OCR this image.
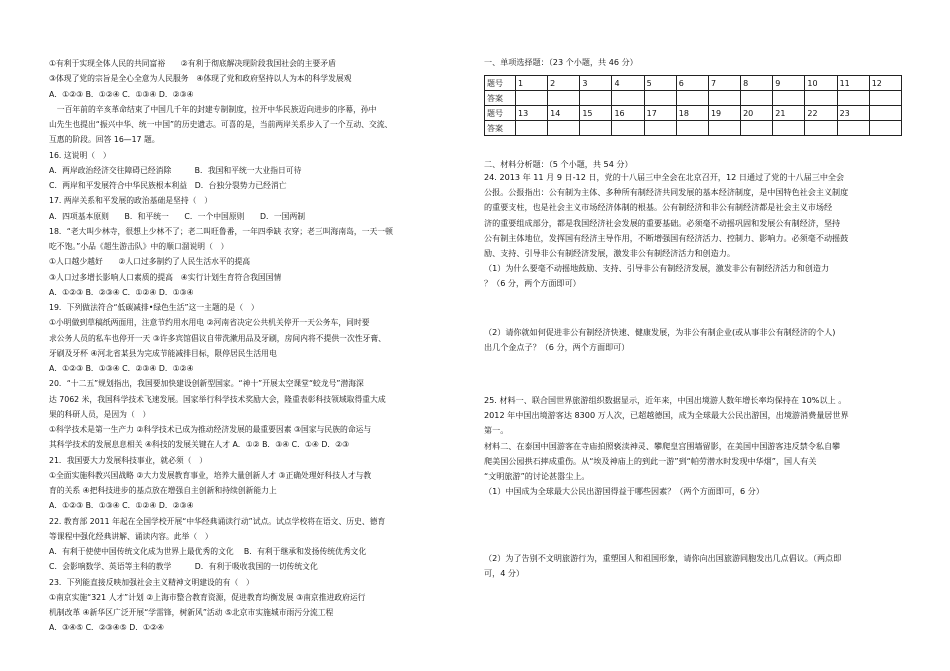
①有利于实现全体人民的共同富裕　　②有利于彻底解决现阶段我国社会的主要矛盾
③体现了党的宗旨是全心全意为人民服务　④体现了党和政府坚持以人为本的科学发展观
A．①②③ B．①②④ C．①③④ D．②③④
　一百年前的辛亥革命结束了中国几千年的封建专制制度，拉开中华民族迈向进步的序幕，孙中
山先生也提出“振兴中华、统一中国”的历史遗志。可喜的是，当前两岸关系步入了一个互动、交流、
互惠的阶段。回答 16—17 题。
16. 这说明（　）
A．两岸政治经济交往障碍已经消除　　　B．我国和平统一大业指日可待
C．两岸和平发展符合中华民族根本利益　D．台独分裂势力已经消亡
17. 两岸关系和平发展的政治基础是坚持（　）
A．四项基本原则　　B．和平统一　　C．一个中国原则　　D．一国两制
18．“老大叫少林寺，很想上少林不了；老二叫旺鲁番，一年四季缺 衣穿；老三叫海南岛，一天一顿
吃不饱。”小品《超生游击队》中的顺口溜说明（　）
①人口越少越好　　②人口过多制约了人民生活水平的提高
③人口过多增长影响人口素质的提高　④实行计划生育符合我国国情
A．①②③ B．②③④ C．①②④ D．①③④
19．下列做法符合“低碳减排•绿色生活”这一主题的是（　）
①小明做到草稿纸两面用，注意节约用水用电 ②河南省决定公共机关停开一天公务车，同时要
求公务人员的私车也停开一天 ③许多宾馆倡议自带洗漱用品及牙刷，房间内将不提供一次性牙膏、
牙刷及牙杯 ④河北省某县为完成节能减排目标，限停居民生活用电
A．①②③ B．①③④ C．②③④ D．①②④
20．“十二五”规划指出，我国要加快建设创新型国家。“神十”开展太空课堂“蛟龙号”潜海深
达 7062 米，我国科学技术飞速发展。国家举行科学技术奖励大会，隆重表彰科技领域取得重大成
果的科研人员，是因为（　）
①科学技术是第一生产力 ②科学技术已成为推动经济发展的最重要因素 ③国家与民族的命运与
其科学技术的发展息息相关 ④科技的发展关键在人才 A．①② B．③④ C．①④ D．②③
21．我国要大力发展科技事业，就必须（　）
①全面实施科教兴国战略 ②大力发展教育事业，培养大量创新人才 ③正确处理好科技人才与教
育的关系 ④把科技进步的基点放在增强自主创新和持续创新能力上
A．①②③ B．①③④ C．①②④ D．②③④
22. 教育部 2011 年起在全国学校开展“中华经典诵读行动”试点。试点学校将在语文、历史、德育
等课程中强化经典讲解、诵读内容。此举（　）
A．有利于使使中国传统文化成为世界上最优秀的文化　 B．有利于继承和发扬传统优秀文化
C．会影响数学、英语等主科的教学　　　D．有利于吸收我国的一切传统文化
23．下列能直接反映加强社会主义精神文明建设的有（　）
①南京实施“321 人才”计划 ②上海市整合教育资源，促进教育均衡发展 ③南京推进政府运行
机制改革 ④新华区广泛开展“学雷锋，树新风”活动 ⑤北京市实施城市雨污分流工程
A．③④⑤ C．②③④⑤ D．①②④
一、单项选择题：（23 个小题，共 46 分）
题号	1	2	3	4	5	6	7	8	9	10	11	12
答案												
题号	13	14	15	16	17	18	19	20	21	22	23	
答案												
二、材料分析题：（5 个小题，共 54 分）
24. 2013 年 11 月 9 日-12 日，党的十八届三中全会在北京召开，12 日通过了党的十八届三中全会
公报。公报指出：公有制为主体、多种所有制经济共同发展的基本经济制度，是中国特色社会主义制度
的重要支柱，也是社会主义市场经济体制的根基。公有制经济和非公有制经济都是社会主义市场经
济的重要组成部分，都是我国经济社会发展的重要基础。必须毫不动摇巩固和发展公有制经济，坚持
公有制主体地位，发挥国有经济主导作用，不断增强国有经济活力、控制力、影响力。必须毫不动摇鼓
励、支持、引导非公有制经济发展，激发非公有制经济活力和创造力。
（1）为什么要毫不动摇地鼓励、支持、引导非公有制经济发展，激发非公有制经济活力和创造力
？（6 分，两个方面即可）
（2）请你就如何促进非公有制经济快速、健康发展，为非公有制企业(或从事非公有制经济的个人)
出几个金点子？（6 分，两个方面即可）
25. 材料一、联合国世界旅游组织数据显示，近年来，中国出境游人数年增长率均保持在 10%以上 。
2012 年中国出境游客达 8300 万人次，已超越德国，成为全球最大公民出游国，出境游消费量居世界
第一。
材料二、在泰国中国游客在寺庙拍照亵渎神灵、攀爬皇宫围墙留影，在美国中国游客违反禁令私自攀
爬美国公园拱石摔成重伤。从“埃及神庙上的到此一游”到“帕劳潜水时发现中华烟”，国人有关
“文明旅游”的讨论甚嚣尘上。
（1）中国成为全球最大公民出游国得益于哪些因素？（两个方面即可，6 分）
（2）为了告别不文明旅游行为，重塑国人和祖国形象，请你向出国旅游同胞发出几点倡议。（两点即
可，4 分）
